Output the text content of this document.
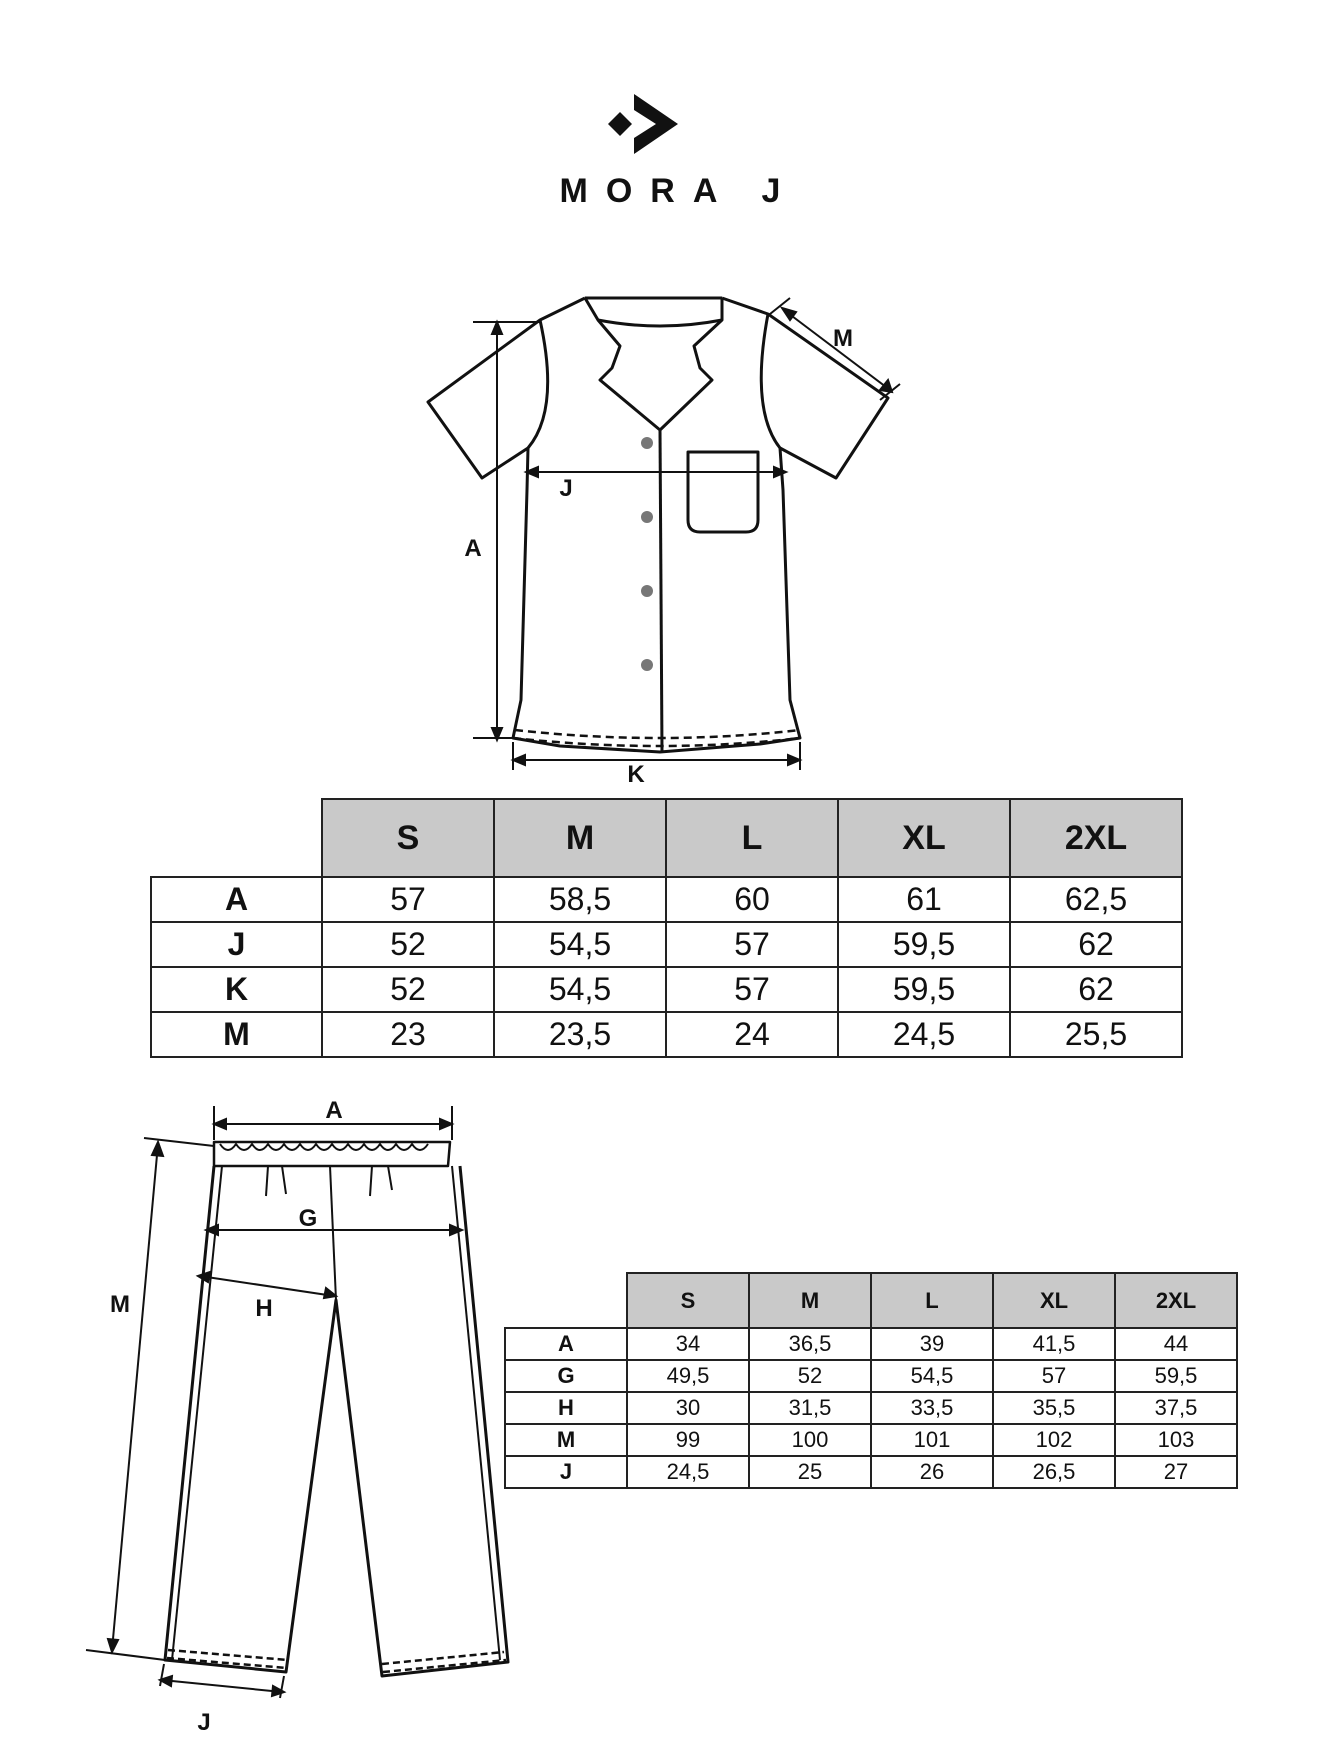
MORA J
A
J
K
M
A
G
H
M
J
	S	M	L	XL	2XL
A	57	58,5	60	61	62,5
J	52	54,5	57	59,5	62
K	52	54,5	57	59,5	62
M	23	23,5	24	24,5	25,5
	S	M	L	XL	2XL
A	34	36,5	39	41,5	44
G	49,5	52	54,5	57	59,5
H	30	31,5	33,5	35,5	37,5
M	99	100	101	102	103
J	24,5	25	26	26,5	27
